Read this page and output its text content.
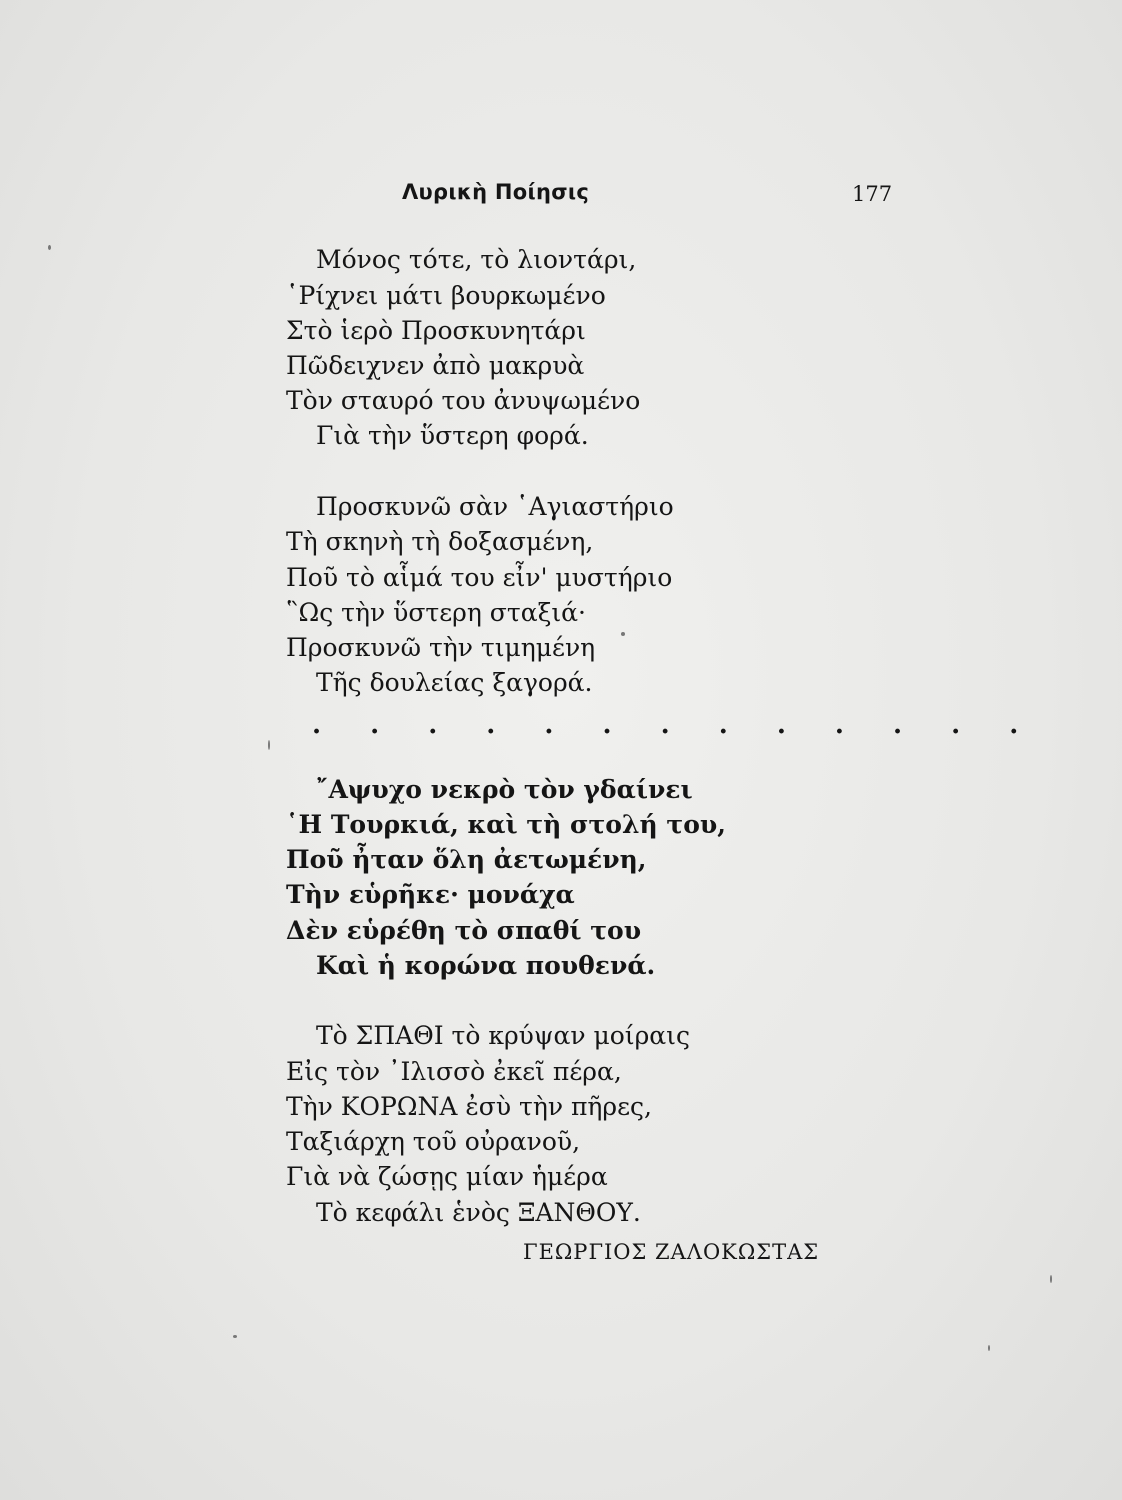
Λυρικὴ Ποίησις	177
Μόνος τότε, τὸ λιοντάρι,
῾Ρίχνει μάτι βουρκωμένο
Στὸ ἱερὸ Προσκυνητάρι
Πῶδειχνεν ἀπὸ μακρυὰ
Τὸν σταυρό του ἀνυψωμένο
Γιὰ τὴν ὕστερη φορά.
Προσκυνῶ σὰν ῾Αγιαστήριο
Τὴ σκηνὴ τὴ δοξασμένη,
Ποῦ τὸ αἷμά του εἶν' μυστήριο
῝Ως τὴν ὕστερη σταξιά·
Προσκυνῶ τὴν τιμημένη
Τῆς δουλείας ξαγορά.
. . . . . . . . . . . . .
῎Αψυχο νεκρὸ τὸν γδαίνει
῾Η Τουρκιά, καὶ τὴ στολή του,
Ποῦ ἦταν ὅλη ἀετωμένη,
Τὴν εὑρῆκε· μονάχα
Δὲν εὑρέθη τὸ σπαθί του
Καὶ ἡ κορώνα πουθενά.
Τὸ ΣΠΑΘΙ τὸ κρύψαν μοίραις
Εἰς τὸν ᾿Ιλισσὸ ἐκεῖ πέρα,
Τὴν ΚΟΡΩΝΑ ἐσὺ τὴν πῆρες,
Ταξιάρχη τοῦ οὐρανοῦ,
Γιὰ νὰ ζώσῃς μίαν ἡμέρα
Τὸ κεφάλι ἑνὸς ΞΑΝΘΟΥ.
ΓΕΩΡΓΙΟΣ ΖΑΛΟΚΩΣΤΑΣ
